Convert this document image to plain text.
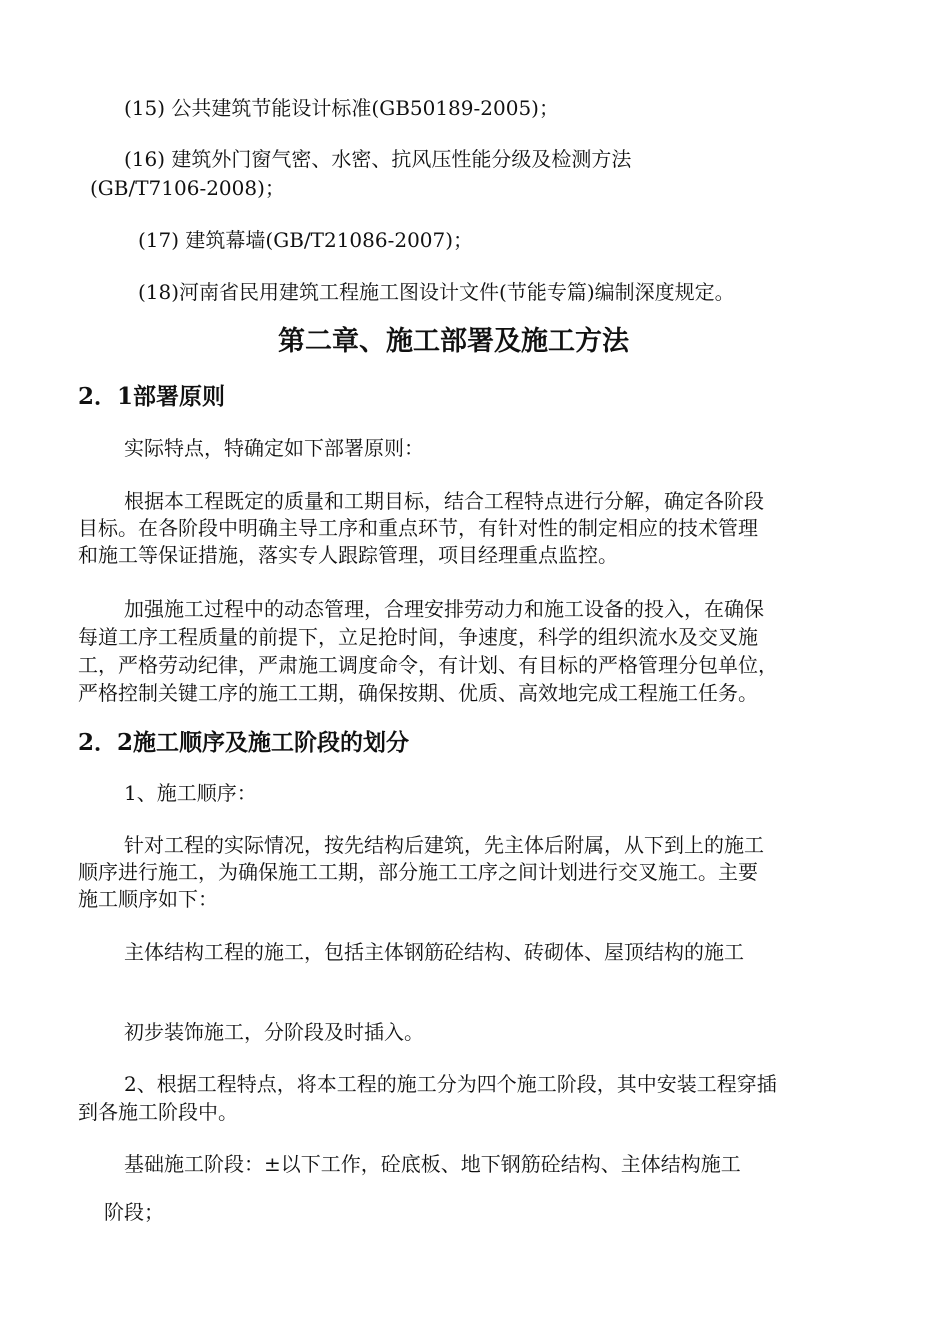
(15) 公共建筑节能设计标准(GB50189-2005)；

(16) 建筑外门窗气密、水密、抗风压性能分级及检测方法

(GB/T7106-2008)；

(17) 建筑幕墙(GB/T21086-2007)；

(18)河南省民用建筑工程施工图设计文件(节能专篇)编制深度规定。

第二章、施工部署及施工方法
2．1部署原则

实际特点，特确定如下部署原则：

根据本工程既定的质量和工期目标，结合工程特点进行分解，确定各阶段

目标。在各阶段中明确主导工序和重点环节，有针对性的制定相应的技术管理

和施工等保证措施，落实专人跟踪管理，项目经理重点监控。

加强施工过程中的动态管理，合理安排劳动力和施工设备的投入，在确保

每道工序工程质量的前提下，立足抢时间，争速度，科学的组织流水及交叉施

工，严格劳动纪律，严肃施工调度命令，有计划、有目标的严格管理分包单位，

严格控制关键工序的施工工期，确保按期、优质、高效地完成工程施工任务。

2．2施工顺序及施工阶段的划分

1、施工顺序：

针对工程的实际情况，按先结构后建筑，先主体后附属，从下到上的施工

顺序进行施工，为确保施工工期，部分施工工序之间计划进行交叉施工。主要

施工顺序如下：

主体结构工程的施工，包括主体钢筋砼结构、砖砌体、屋顶结构的施工

初步装饰施工，分阶段及时插入。

2、根据工程特点，将本工程的施工分为四个施工阶段，其中安装工程穿插

到各施工阶段中。

基础施工阶段：±以下工作，砼底板、地下钢筋砼结构、主体结构施工

阶段；
